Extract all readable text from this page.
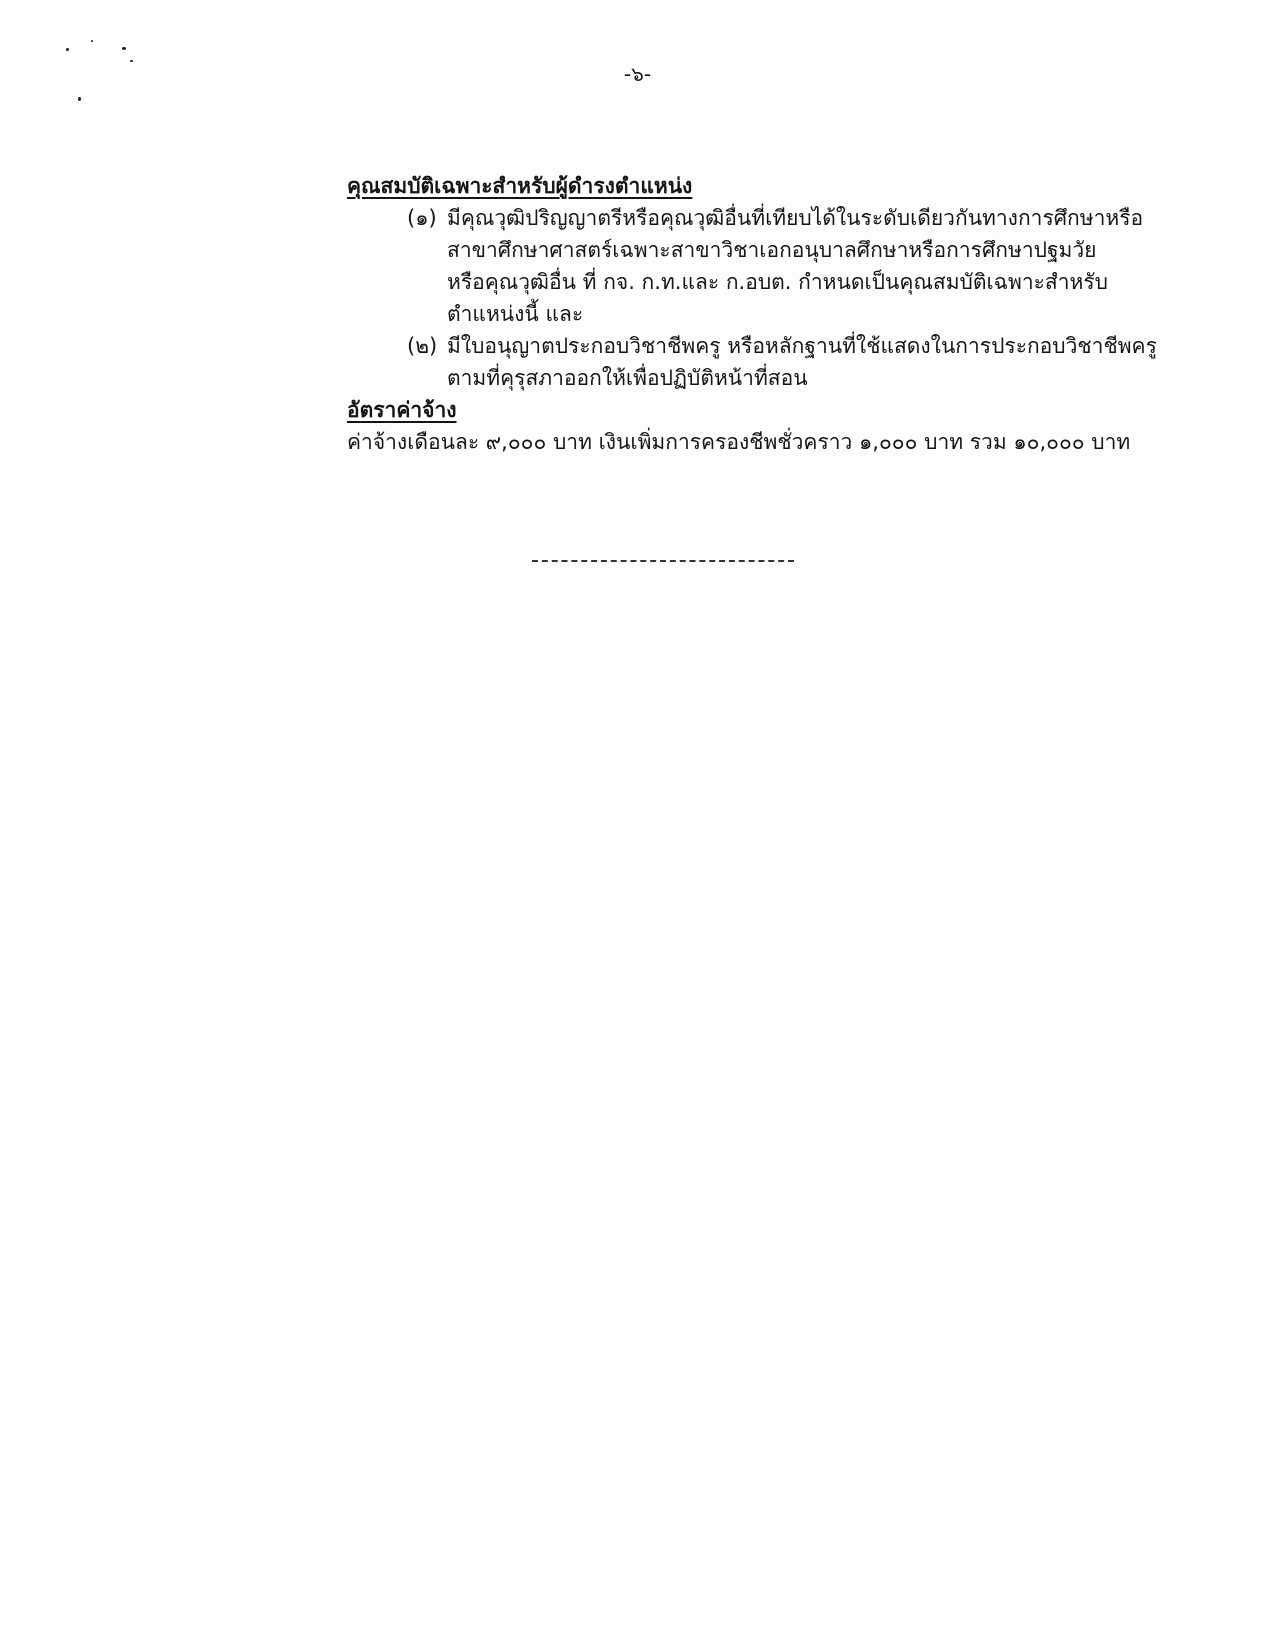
-๖-
คุณสมบัติเฉพาะสำหรับผู้ดำรงตำแหน่ง
(๑) มีคุณวุฒิปริญญาตรีหรือคุณวุฒิอื่นที่เทียบได้ในระดับเดียวกันทางการศึกษาหรือ
สาขาศึกษาศาสตร์เฉพาะสาขาวิชาเอกอนุบาลศึกษาหรือการศึกษาปฐมวัย
หรือคุณวุฒิอื่น ที่ กจ. ก.ท.และ ก.อบต. กำหนดเป็นคุณสมบัติเฉพาะสำหรับ
ตำแหน่งนี้ และ
(๒) มีใบอนุญาตประกอบวิชาชีพครู หรือหลักฐานที่ใช้แสดงในการประกอบวิชาชีพครู
ตามที่คุรุสภาออกให้เพื่อปฏิบัติหน้าที่สอน
อัตราค่าจ้าง
ค่าจ้างเดือนละ ๙,๐๐๐ บาท เงินเพิ่มการครองชีพชั่วคราว ๑,๐๐๐ บาท รวม ๑๐,๐๐๐ บาท
